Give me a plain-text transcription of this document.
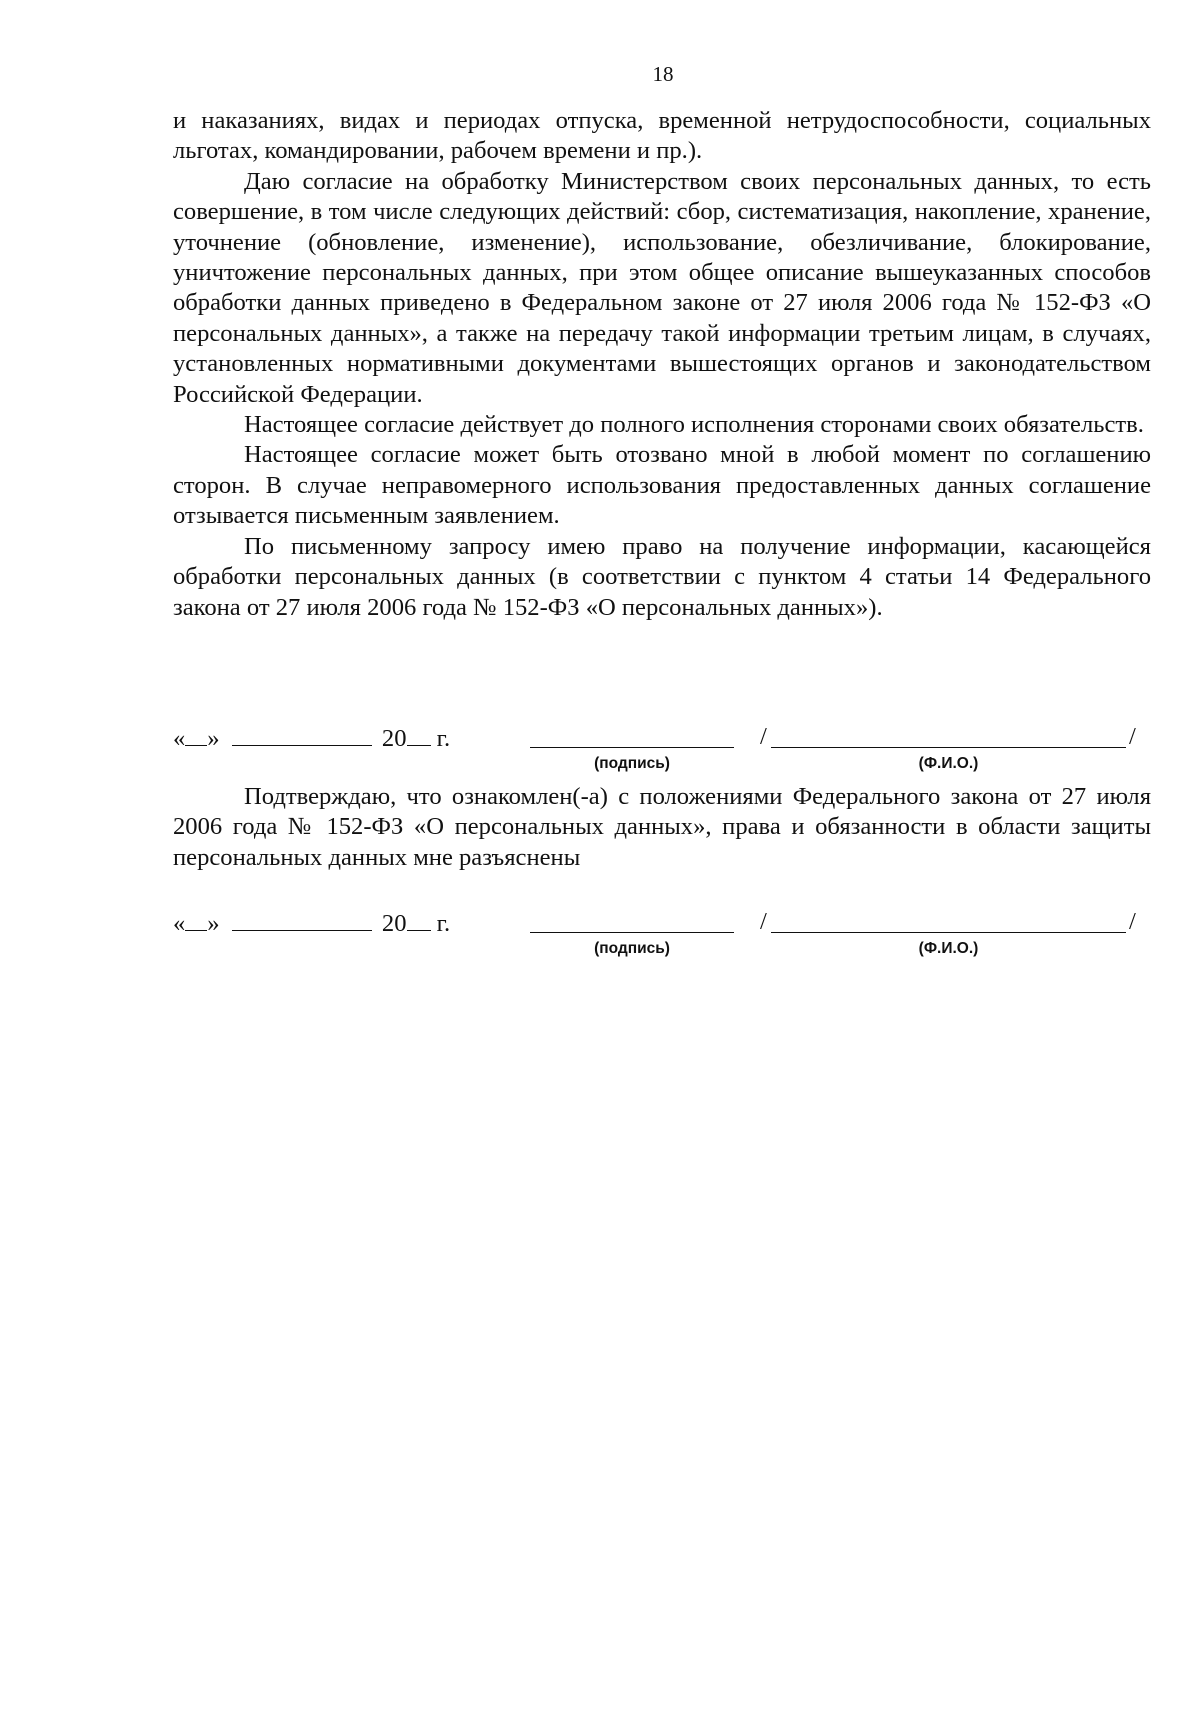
18

и наказаниях, видах и периодах отпуска, временной нетрудоспособности, социальных льготах, командировании, рабочем времени и пр.).

Даю согласие на обработку Министерством своих персональных данных, то есть совершение, в том числе следующих действий: сбор, систематизация, накопление, хранение, уточнение (обновление, изменение), использование, обезличивание, блокирование, уничтожение персональных данных, при этом общее описание вышеуказанных способов обработки данных приведено в Федеральном законе от 27 июля 2006 года № 152-ФЗ «О персональных данных», а также на передачу такой информации третьим лицам, в случаях, установленных нормативными документами вышестоящих органов и законодательством Российской Федерации.

Настоящее согласие действует до полного исполнения сторонами своих обязательств.

Настоящее согласие может быть отозвано мной в любой момент по соглашению сторон. В случае неправомерного использования предоставленных данных соглашение отзывается письменным заявлением.

По письменному запросу имею право на получение информации, касающейся обработки персональных данных (в соответствии с пунктом 4 статьи 14 Федерального закона от 27 июля 2006 года № 152-ФЗ «О персональных данных»).

« »	20 г.
(подпись)
/	/
(Ф.И.О.)

Подтверждаю, что ознакомлен(-а) с положениями Федерального закона от 27 июля 2006 года № 152-ФЗ «О персональных данных», права и обязанности в области защиты персональных данных мне разъяснены

« »	20 г.
(подпись)
/	/
(Ф.И.О.)
